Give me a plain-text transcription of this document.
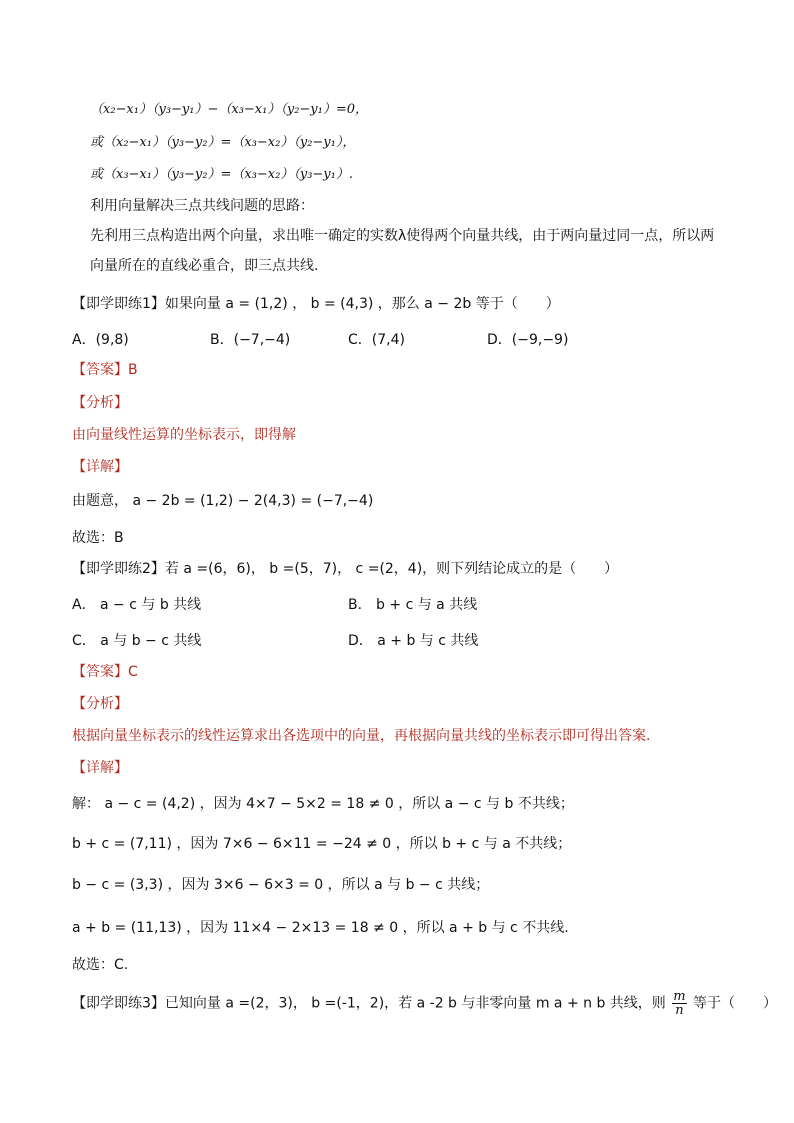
（x₂−x₁）（y₃−y₁）−（x₃−x₁）（y₂−y₁）=0，
或（x₂−x₁）（y₃−y₂）=（x₃−x₂）（y₂−y₁），
或（x₃−x₁）（y₃−y₂）=（x₃−x₂）（y₃−y₁）.
利用向量解决三点共线问题的思路：
先利用三点构造出两个向量，求出唯一确定的实数λ使得两个向量共线，由于两向量过同一点，所以两
向量所在的直线必重合，即三点共线.
【即学即练1】如果向量 a = (1,2) ， b = (4,3) ，那么 a − 2b 等于（　　）
A．(9,8)	B．(−7,−4)	C．(7,4)	D．(−9,−9)
【答案】B
【分析】
由向量线性运算的坐标表示，即得解
【详解】
由题意， a − 2b = (1,2) − 2(4,3) = (−7,−4)
故选：B
【即学即练2】若 a =(6，6)， b =(5，7)， c =(2，4)，则下列结论成立的是（　　）
A． a − c 与 b 共线	B． b + c 与 a 共线
C． a 与 b − c 共线	D． a + b 与 c 共线
【答案】C
【分析】
根据向量坐标表示的线性运算求出各选项中的向量，再根据向量共线的坐标表示即可得出答案.
【详解】
解： a − c = (4,2) ，因为 4×7 − 5×2 = 18 ≠ 0 ，所以 a − c 与 b 不共线；
b + c = (7,11) ，因为 7×6 − 6×11 = −24 ≠ 0 ，所以 b + c 与 a 不共线；
b − c = (3,3) ，因为 3×6 − 6×3 = 0 ，所以 a 与 b − c 共线；
a + b = (11,13) ，因为 11×4 − 2×13 = 18 ≠ 0 ，所以 a + b 与 c 不共线.
故选：C.
【即学即练3】已知向量 a =(2，3)， b =(-1，2)，若 a -2 b 与非零向量 m a + n b 共线，则 $\frac{m}{n}$ 等于（　　）
